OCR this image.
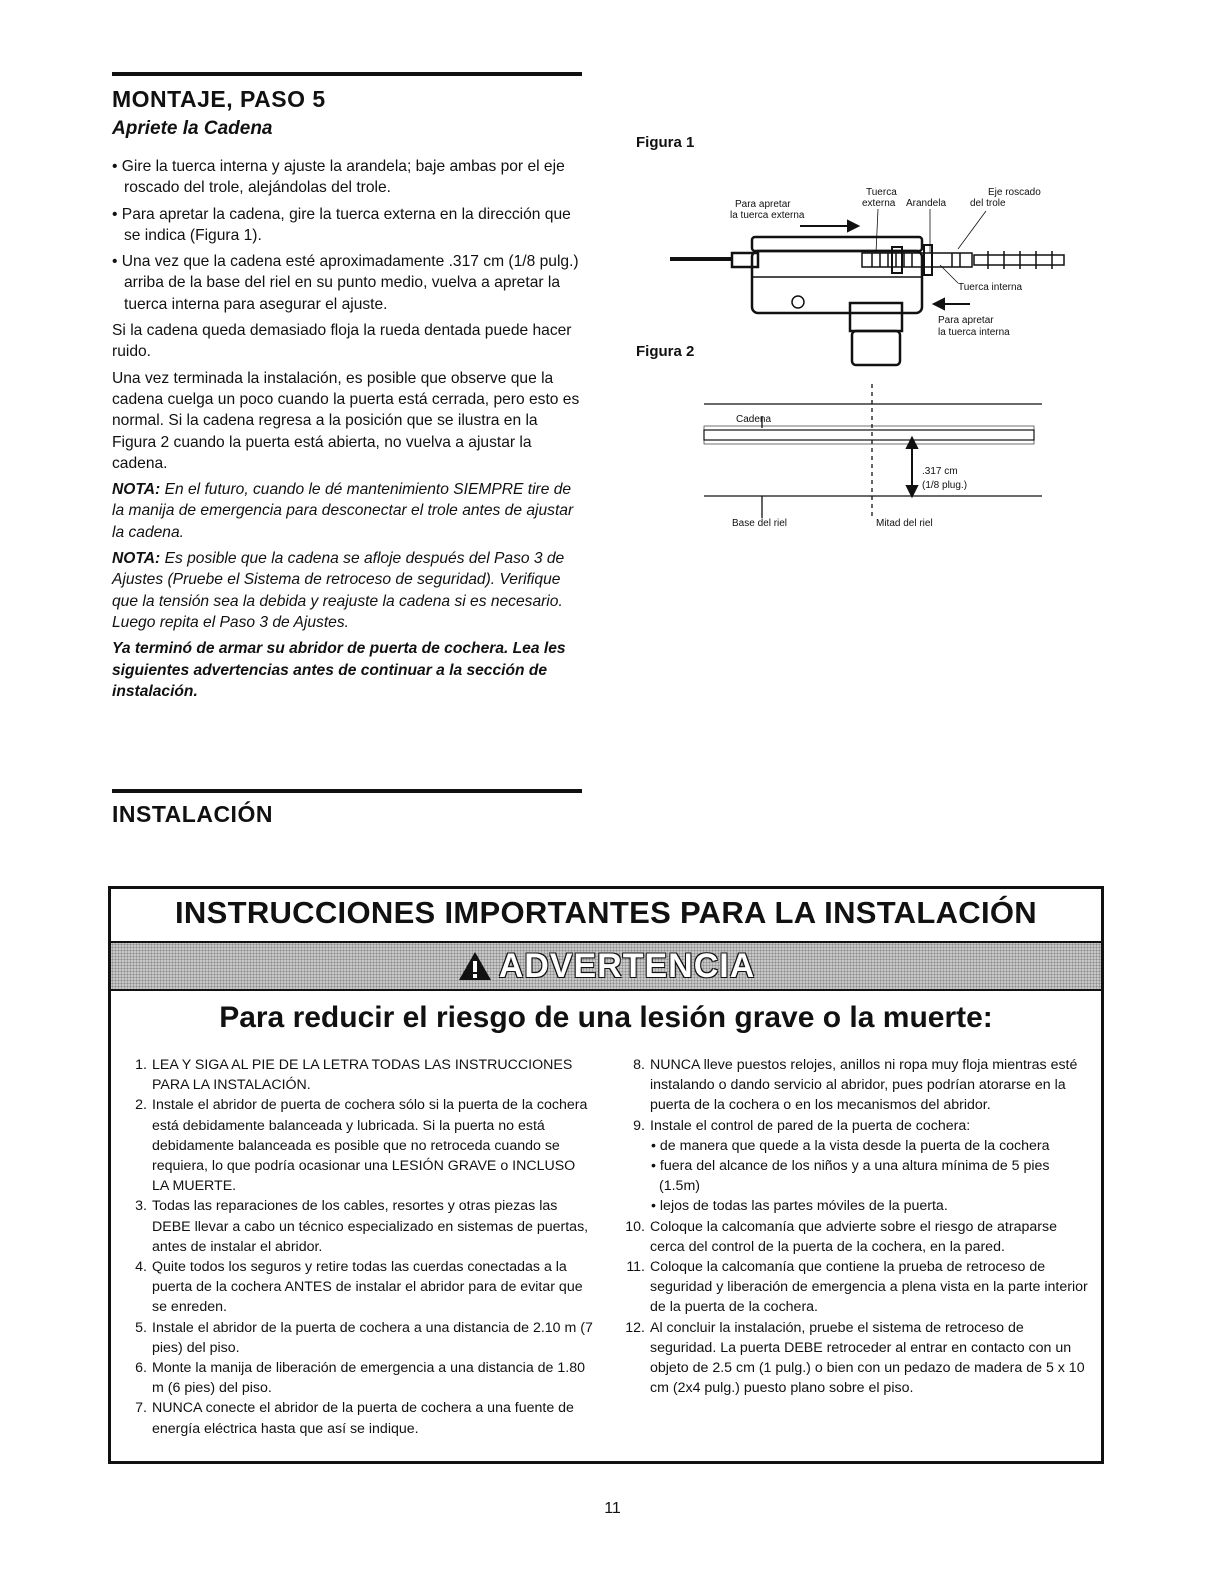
MONTAJE, PASO 5
Apriete la Cadena

• Gire la tuerca interna y ajuste la arandela; baje ambas por el eje roscado del trole, alejándolas del trole.

• Para apretar la cadena, gire la tuerca externa en la dirección que se indica (Figura 1).

• Una vez que la cadena esté aproximadamente .317 cm (1/8 pulg.) arriba de la base del riel en su punto medio, vuelva a apretar la tuerca interna para asegurar el ajuste.

Si la cadena queda demasiado floja la rueda dentada puede hacer ruido.

Una vez terminada la instalación, es posible que observe que la cadena cuelga un poco cuando la puerta está cerrada, pero esto es normal. Si la cadena regresa a la posición que se ilustra en la Figura 2 cuando la puerta está abierta, no vuelva a ajustar la cadena.

NOTA: En el futuro, cuando le dé mantenimiento SIEMPRE tire de la manija de emergencia para desconectar el trole antes de ajustar la cadena.

NOTA: Es posible que la cadena se afloje después del Paso 3 de Ajustes (Pruebe el Sistema de retroceso de seguridad). Verifique que la tensión sea la debida y reajuste la cadena si es necesario. Luego repita el Paso 3 de Ajustes.

Ya terminó de armar su abridor de puerta de cochera. Lea les siguientes advertencias antes de continuar a la sección de instalación.

Figura 1
Figura 2
Para apretar
la tuerca externa
Tuerca
externa Arandela
Eje roscado
del trole
Tuerca interna
Para apretar
la tuerca interna
Cadena
.317 cm
(1/8 plug.)
Base del riel	Mitad del riel
INSTALACIÓN
INSTRUCCIONES IMPORTANTES PARA LA INSTALACIÓN
ADVERTENCIA
Para reducir el riesgo de una lesión grave o la muerte:
1. LEA Y SIGA AL PIE DE LA LETRA TODAS LAS INSTRUCCIONES PARA LA INSTALACIÓN.
2. Instale el abridor de puerta de cochera sólo si la puerta de la cochera está debidamente balanceada y lubricada. Si la puerta no está debidamente balanceada es posible que no retroceda cuando se requiera, lo que podría ocasionar una LESIÓN GRAVE o INCLUSO LA MUERTE.
3. Todas las reparaciones de los cables, resortes y otras piezas las DEBE llevar a cabo un técnico especializado en sistemas de puertas, antes de instalar el abridor.
4. Quite todos los seguros y retire todas las cuerdas conectadas a la puerta de la cochera ANTES de instalar el abridor para de evitar que se enreden.
5. Instale el abridor de la puerta de cochera a una distancia de 2.10 m (7 pies) del piso.
6. Monte la manija de liberación de emergencia a una distancia de 1.80 m (6 pies) del piso.
7. NUNCA conecte el abridor de la puerta de cochera a una fuente de energía eléctrica hasta que así se indique.
8. NUNCA lleve puestos relojes, anillos ni ropa muy floja mientras esté instalando o dando servicio al abridor, pues podrían atorarse en la puerta de la cochera o en los mecanismos del abridor.
9. Instale el control de pared de la puerta de cochera:
• de manera que quede a la vista desde la puerta de la cochera
• fuera del alcance de los niños y a una altura mínima de 5 pies (1.5m)
• lejos de todas las partes móviles de la puerta.
10. Coloque la calcomanía que advierte sobre el riesgo de atraparse cerca del control de la puerta de la cochera, en la pared.
11. Coloque la calcomanía que contiene la prueba de retroceso de seguridad y liberación de emergencia a plena vista en la parte interior de la puerta de la cochera.
12. Al concluir la instalación, pruebe el sistema de retroceso de seguridad. La puerta DEBE retroceder al entrar en contacto con un objeto de 2.5 cm (1 pulg.) o bien con un pedazo de madera de 5 x 10 cm (2x4 pulg.) puesto plano sobre el piso.
11
